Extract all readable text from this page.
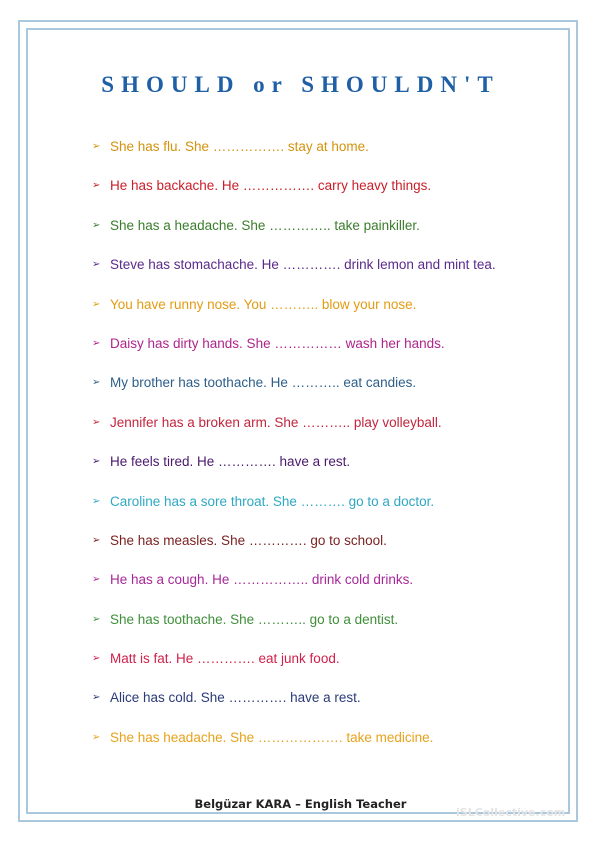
SHOULD or SHOULDN'T
➢ She has flu. She ……………. stay at home.
➢ He has backache. He ……………. carry heavy things.
➢ She has a headache. She ………….. take painkiller.
➢ Steve has stomachache. He …………. drink lemon and mint tea.
➢ You have runny nose. You ……….. blow your nose.
➢ Daisy has dirty hands. She …………… wash her hands.
➢ My brother has toothache. He ……….. eat candies.
➢ Jennifer has a broken arm. She ……….. play volleyball.
➢ He feels tired. He …………. have a rest.
➢ Caroline has a sore throat. She ………. go to a doctor.
➢ She has measles. She …………. go to school.
➢ He has a cough. He …………….. drink cold drinks.
➢ She has toothache. She ……….. go to a dentist.
➢ Matt is fat. He …………. eat junk food.
➢ Alice has cold. She …………. have a rest.
➢ She has headache. She ………………. take medicine.
Belgüzar KARA – English Teacher
iSLCollective.com
